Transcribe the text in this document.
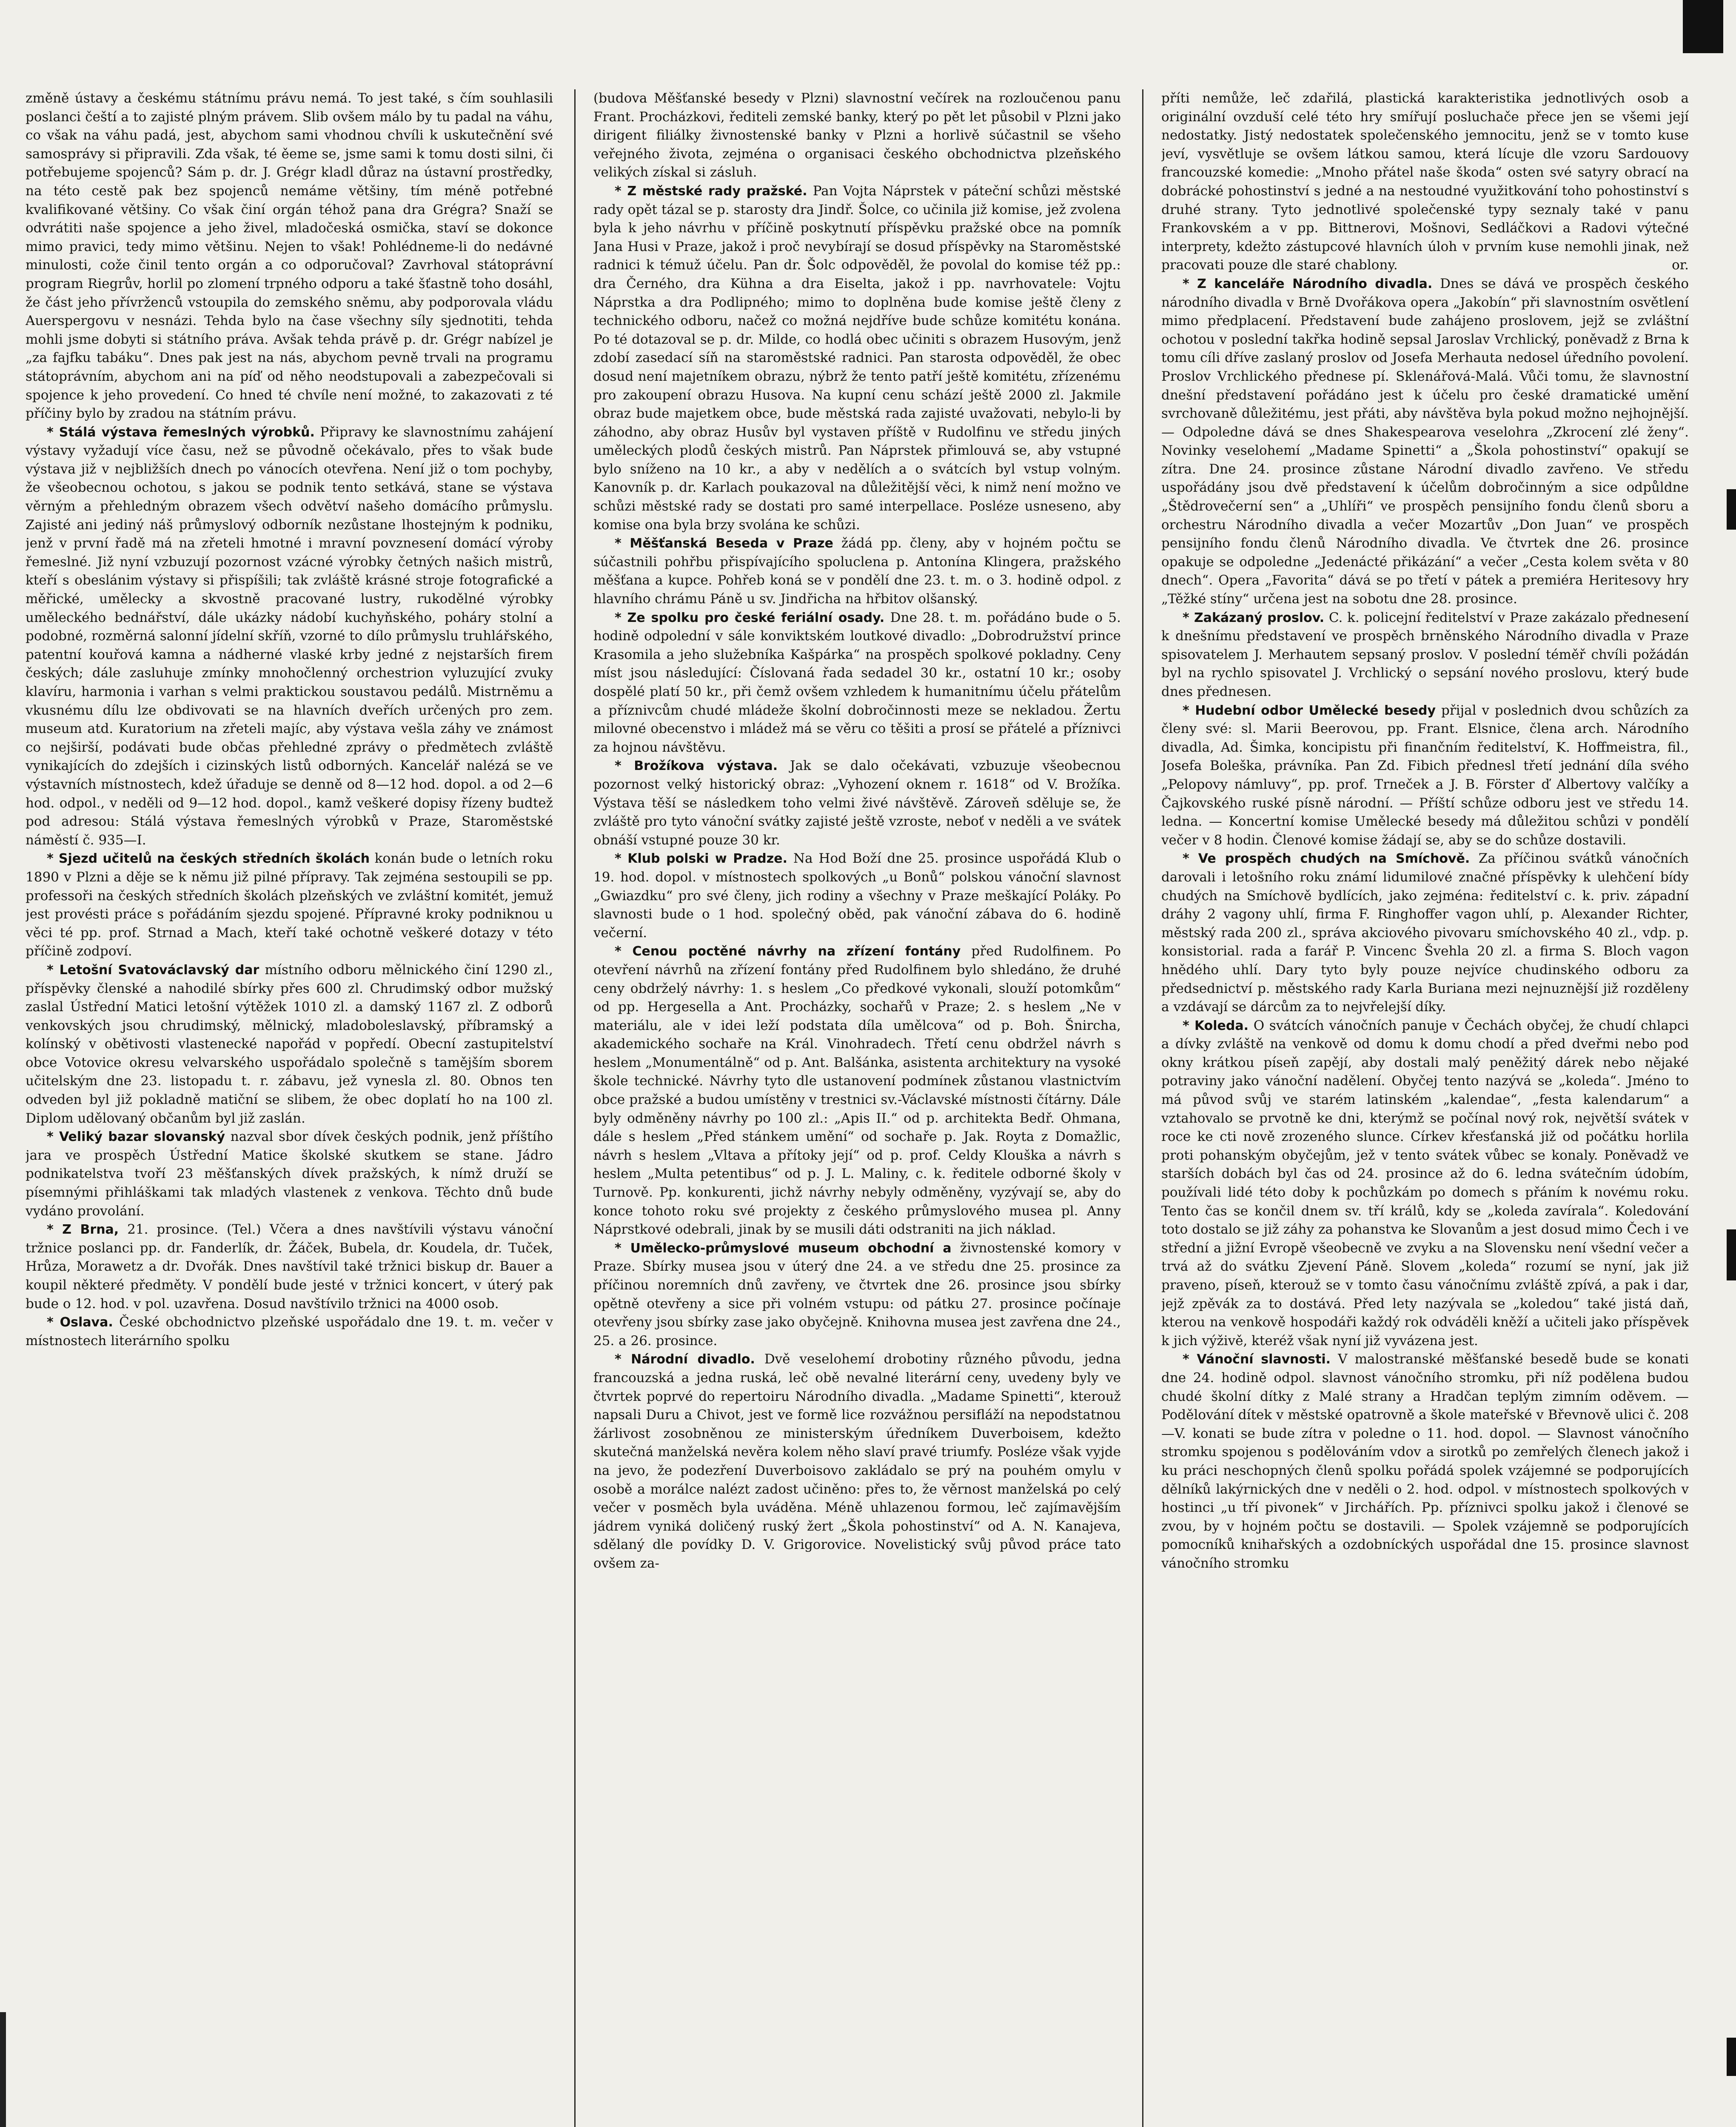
změně ústavy a českému státnímu právu nemá. To jest také, s čím souhlasili poslanci čeští a to zajisté plným právem. Slib ovšem málo by tu padal na váhu, co však na váhu padá, jest, abychom sami vhodnou chvíli k uskutečnění své samosprávy si připravili. Zda však, té ěeme se, jsme sami k tomu dosti silni, či potřebujeme spojenců? Sám p. dr. J. Grégr kladl důraz na ústavní prostředky, na této cestě pak bez spojenců nemáme většiny, tím méně potřebné kvalifikované většiny. Co však činí orgán téhož pana dra Grégra? Snaží se odvrátiti naše spojence a jeho živel, mladočeská osmička, staví se dokonce mimo pravici, tedy mimo většinu. Nejen to však! Pohlédneme-li do nedávné minulosti, cože činil tento orgán a co odporučoval? Zavrhoval státoprávní program Riegrův, horlil po zlomení trpného odporu a také šťastně toho dosáhl, že část jeho přívrženců vstoupila do zemského sněmu, aby podporovala vládu Auerspergovu v nesnázi. Tehda bylo na čase všechny síly sjednotiti, tehda mohli jsme dobyti si státního práva. Avšak tehda právě p. dr. Grégr nabízel je „za fajfku tabáku“. Dnes pak jest na nás, abychom pevně trvali na programu státoprávním, abychom ani na píď od něho neodstupovali a zabezpečovali si spojence k jeho provedení. Co hned té chvíle není možné, to zakazovati z té příčiny bylo by zradou na státním právu.

* Stálá výstava řemeslných výrobků. Připravy ke slavnostnímu zahájení výstavy vyžadují více času, než se původně očekávalo, přes to však bude výstava již v nejbližších dnech po vánocích otevřena. Není již o tom pochyby, že všeobecnou ochotou, s jakou se podnik tento setkává, stane se výstava věrným a přehledným obrazem všech odvětví našeho domácího průmyslu. Zajisté ani jediný náš průmyslový odborník nezůstane lhostejným k podniku, jenž v první řadě má na zřeteli hmotné i mravní povznesení domácí výroby řemeslné. Již nyní vzbuzují pozornost vzácné výrobky četných našich mistrů, kteří s obeslánim výstavy si přispíšili; tak zvláště krásné stroje fotografické a měřické, umělecky a skvostně pracované lustry, rukodělné výrobky uměleckého bednářství, dále ukázky nádobí kuchyňského, poháry stolní a podobné, rozměrná salonní jídelní skříň, vzorné to dílo průmyslu truhlářského, patentní kouřová kamna a nádherné vlaské krby jedné z nejstarších firem českých; dále zasluhuje zmínky mnohočlenný orchestrion vyluzující zvuky klavíru, harmonia i varhan s velmi praktickou soustavou pedálů. Mistrněmu a vkusnému dílu lze obdivovati se na hlavních dveřích určených pro zem. museum atd. Kuratorium na zřeteli majíc, aby výstava vešla záhy ve známost co nejširší, podávati bude občas přehledné zprávy o předmětech zvláště vynikajících do zdejších i cizinských listů odborných. Kancelář nalézá se ve výstavních místnostech, kdež úřaduje se denně od 8—12 hod. dopol. a od 2—6 hod. odpol., v neděli od 9—12 hod. dopol., kamž veškeré dopisy řízeny budtež pod adresou: Stálá výstava řemeslných výrobků v Praze, Staroměstské náměstí č. 935—I.

* Sjezd učitelů na českých středních školách konán bude o letních roku 1890 v Plzni a děje se k němu již pilné přípravy. Tak zejména sestoupili se pp. professoři na českých středních školách plzeňských ve zvláštní komitét, jemuž jest provésti práce s pořádáním sjezdu spojené. Přípravné kroky podniknou u věci té pp. prof. Strnad a Mach, kteří také ochotně veškeré dotazy v této příčině zodpoví.

* Letošní Svatováclavský dar místního odboru mělnického činí 1290 zl., příspěvky členské a nahodilé sbírky přes 600 zl. Chrudimský odbor mužský zaslal Ústřední Matici letošní výtěžek 1010 zl. a damský 1167 zl. Z odborů venkovských jsou chrudimský, mělnický, mladoboleslavský, příbramský a kolínský v obětivosti vlastenecké napořád v popředí. Obecní zastupitelství obce Votovice okresu velvarského uspořádalo společně s tamějším sborem učitelským dne 23. listopadu t. r. zábavu, jež vynesla zl. 80. Obnos ten odveden byl již pokladně matiční se slibem, že obec doplatí ho na 100 zl. Diplom udělovaný občanům byl již zaslán.

* Veliký bazar slovanský nazval sbor dívek českých podnik, jenž příštího jara ve prospěch Ústřední Matice školské skutkem se stane. Jádro podnikatelstva tvoří 23 měšťanských dívek pražských, k nímž druží se písemnými přihláškami tak mladých vlastenek z venkova. Těchto dnů bude vydáno provolání.

* Z Brna, 21. prosince. (Tel.) Včera a dnes navštívili výstavu vánoční tržnice poslanci pp. dr. Fanderlík, dr. Žáček, Bubela, dr. Koudela, dr. Tuček, Hrůza, Morawetz a dr. Dvořák. Dnes navštívil také tržnici biskup dr. Bauer a koupil některé předměty. V pondělí bude jesté v tržnici koncert, v úterý pak bude o 12. hod. v pol. uzavřena. Dosud navštívilo tržnici na 4000 osob.

* Oslava. České obchodnictvo plzeňské uspořádalo dne 19. t. m. večer v místnostech literárního spolku

(budova Měšťanské besedy v Plzni) slavnostní večírek na rozloučenou panu Frant. Procházkovi, řediteli zemské banky, který po pět let působil v Plzni jako dirigent filiálky živnostenské banky v Plzni a horlivě súčastnil se všeho veřejného života, zejména o organisaci českého obchodnictva plzeňského velikých získal si zásluh.

* Z městské rady pražské. Pan Vojta Náprstek v páteční schůzi městské rady opět tázal se p. starosty dra Jindř. Šolce, co učinila již komise, jež zvolena byla k jeho návrhu v příčině poskytnutí příspěvku pražské obce na pomník Jana Husi v Praze, jakož i proč nevybírají se dosud příspěvky na Staroměstské radnici k témuž účelu. Pan dr. Šolc odpověděl, že povolal do komise též pp.: dra Černého, dra Kühna a dra Eiselta, jakož i pp. navrhovatele: Vojtu Náprstka a dra Podlipného; mimo to doplněna bude komise ještě členy z technického odboru, načež co možná nejdříve bude schůze komitétu konána. Po té dotazoval se p. dr. Milde, co hodlá obec učiniti s obrazem Husovým, jenž zdobí zasedací síň na staroměstské radnici. Pan starosta odpověděl, že obec dosud není majetníkem obrazu, nýbrž že tento patří ještě komitétu, zřízenému pro zakoupení obrazu Husova. Na kupní cenu schází ještě 2000 zl. Jakmile obraz bude majetkem obce, bude městská rada zajisté uvažovati, nebylo-li by záhodno, aby obraz Husův byl vystaven příště v Rudolfinu ve středu jiných uměleckých plodů českých mistrů. Pan Náprstek přimlouvá se, aby vstupné bylo sníženo na 10 kr., a aby v nedělích a o svátcích byl vstup volným. Kanovník p. dr. Karlach poukazoval na důležitější věci, k nimž není možno ve schůzi městské rady se dostati pro samé interpellace. Posléze usneseno, aby komise ona byla brzy svolána ke schůzi.

* Měšťanská Beseda v Praze žádá pp. členy, aby v hojném počtu se súčastnili pohřbu přispívajícího spoluclena p. Antonína Klingera, pražského měšťana a kupce. Pohřeb koná se v pondělí dne 23. t. m. o 3. hodině odpol. z hlavního chrámu Páně u sv. Jindřicha na hřbitov olšanský.

* Ze spolku pro české feriální osady. Dne 28. t. m. pořádáno bude o 5. hodině odpolední v sále konviktském loutkové divadlo: „Dobrodružství prince Krasomila a jeho služebníka Kašpárka“ na prospěch spolkové pokladny. Ceny míst jsou následující: Číslovaná řada sedadel 30 kr., ostatní 10 kr.; osoby dospělé platí 50 kr., při čemž ovšem vzhledem k humanitnímu účelu přátelům a příznivcům chudé mládeže školní dobročinnosti meze se nekladou. Žertu milovné obecenstvo i mládež má se věru co těšiti a prosí se přátelé a příznivci za hojnou návštěvu.

* Brožíkova výstava. Jak se dalo očekávati, vzbuzuje všeobecnou pozornost velký historický obraz: „Vyhození oknem r. 1618“ od V. Brožíka. Výstava těší se následkem toho velmi živé návštěvě. Zároveň sděluje se, že zvláště pro tyto vánoční svátky zajisté ještě vzroste, neboť v neděli a ve svátek obnáší vstupné pouze 30 kr.

* Klub polski w Pradze. Na Hod Boží dne 25. prosince uspořádá Klub o 19. hod. dopol. v místnostech spolkových „u Bonů“ polskou vánoční slavnost „Gwiazdku“ pro své členy, jich rodiny a všechny v Praze meškající Poláky. Po slavnosti bude o 1 hod. společný oběd, pak vánoční zábava do 6. hodině večerní.

* Cenou poctěné návrhy na zřízení fontány před Rudolfinem. Po otevření návrhů na zřízení fontány před Rudolfinem bylo shledáno, že druhé ceny obdrželý návrhy: 1. s heslem „Co předkové vykonali, slouží potomkům“ od pp. Hergesella a Ant. Procházky, sochařů v Praze; 2. s heslem „Ne v materiálu, ale v idei leží podstata díla umělcova“ od p. Boh. Šnircha, akademického sochaře na Král. Vinohradech. Třetí cenu obdržel návrh s heslem „Monumentálně“ od p. Ant. Balšánka, asistenta architektury na vysoké škole technické. Návrhy tyto dle ustanovení podmínek zůstanou vlastnictvím obce pražské a budou umístěny v trestnici sv.-Václavské místnosti čítárny. Dále byly odměněny návrhy po 100 zl.: „Apis II.“ od p. architekta Bedř. Ohmana, dále s heslem „Před stánkem umění“ od sochaře p. Jak. Royta z Domažlic, návrh s heslem „Vltava a přítoky její“ od p. prof. Celdy Klouška a návrh s heslem „Multa petentibus“ od p. J. L. Maliny, c. k. ředitele odborné školy v Turnově. Pp. konkurenti, jichž návrhy nebyly odměněny, vyzývají se, aby do konce tohoto roku své projekty z českého průmyslového musea pl. Anny Náprstkové odebrali, jinak by se musili dáti odstraniti na jich náklad.

* Umělecko-průmyslové museum obchodní a živnostenské komory v Praze. Sbírky musea jsou v úterý dne 24. a ve středu dne 25. prosince za příčinou noremních dnů zavřeny, ve čtvrtek dne 26. prosince jsou sbírky opětně otevřeny a sice při volném vstupu: od pátku 27. prosince počínaje otevřeny jsou sbírky zase jako obyčejně. Knihovna musea jest zavřena dne 24., 25. a 26. prosince.

* Národní divadlo. Dvě veselohemí drobotiny různého původu, jedna francouzská a jedna ruská, leč obě nevalné literární ceny, uvedeny byly ve čtvrtek poprvé do repertoiru Národního divadla. „Madame Spinetti“, kterouž napsali Duru a Chivot, jest ve formě lice rozvážnou persifláží na nepodstatnou žárlivost zosobněnou ze ministerským úředníkem Duverboisem, kdežto skutečná manželská nevěra kolem něho slaví pravé triumfy. Posléze však vyjde na jevo, že podezření Duverboisovo zakládalo se prý na pouhém omylu v osobě a morálce nalézt zadost učiněno: přes to, že věrnost manželská po celý večer v posměch byla uváděna. Méně uhlazenou formou, leč zajímavějším jádrem vyniká doličený ruský žert „Škola pohostinství“ od A. N. Kanajeva, sdělaný dle povídky D. V. Grigorovice. Novelistický svůj původ práce tato ovšem za-

příti nemůže, leč zdařilá, plastická karakteristika jednotlivých osob a originální ovzduší celé této hry smířují posluchače přece jen se všemi její nedostatky. Jistý nedostatek společenského jemnocitu, jenž se v tomto kuse jeví, vysvětluje se ovšem látkou samou, která lícuje dle vzoru Sardouovy francouzské komedie: „Mnoho přátel naše škoda“ osten své satyry obrací na dobrácké pohostinství s jedné a na nestoudné využitkování toho pohostinství s druhé strany. Tyto jednotlivé společenské typy seznaly také v panu Frankovském a v pp. Bittnerovi, Mošnovi, Sedláčkovi a Radovi výtečné interprety, kdežto zástupcové hlavních úloh v prvním kuse nemohli jinak, než pracovati pouze dle staré chablony.	or.

* Z kanceláře Národního divadla. Dnes se dává ve prospěch českého národního divadla v Brně Dvořákova opera „Jakobín“ při slavnostním osvětlení mimo předplacení. Představení bude zahájeno proslovem, jejž se zvláštní ochotou v poslední takřka hodině sepsal Jaroslav Vrchlický, poněvadž z Brna k tomu cíli dříve zaslaný proslov od Josefa Merhauta nedosel úředního povolení. Proslov Vrchlického přednese pí. Sklenářová-Malá. Vůči tomu, že slavnostní dnešní představení pořádáno jest k účelu pro české dramatické umění svrchovaně důležitému, jest přáti, aby návštěva byla pokud možno nejhojnější. — Odpoledne dává se dnes Shakespearova veselohra „Zkrocení zlé ženy“. Novinky veselohemí „Madame Spinetti“ a „Škola pohostinství“ opakují se zítra. Dne 24. prosince zůstane Národní divadlo zavřeno. Ve středu uspořádány jsou dvě představení k účelům dobročinným a sice odpůldne „Štědrovečerní sen“ a „Uhlíři“ ve prospěch pensijního fondu členů sboru a orchestru Národního divadla a večer Mozartův „Don Juan“ ve prospěch pensijního fondu členů Národního divadla. Ve čtvrtek dne 26. prosince opakuje se odpoledne „Jedenácté přikázání“ a večer „Cesta kolem světa v 80 dnech“. Opera „Favorita“ dává se po třetí v pátek a premiéra Heritesovy hry „Těžké stíny“ určena jest na sobotu dne 28. prosince.

* Zakázaný proslov. C. k. policejní ředitelství v Praze zakázalo přednesení k dnešnímu představení ve prospěch brněnského Národního divadla v Praze spisovatelem J. Merhautem sepsaný proslov. V poslední téměř chvíli požádán byl na rychlo spisovatel J. Vrchlický o sepsání nového proslovu, který bude dnes přednesen.

* Hudební odbor Umělecké besedy přijal v poslednich dvou schůzích za členy své: sl. Marii Beerovou, pp. Frant. Elsnice, člena arch. Národního divadla, Ad. Šimka, koncipistu při finančním ředitelství, K. Hoffmeistra, fil., Josefa Boleška, právníka. Pan Zd. Fibich přednesl třetí jednání díla svého „Pelopovy námluvy“, pp. prof. Trneček a J. B. Förster ď Albertovy valčíky a Čajkovského ruské písně národní. — Příští schůze odboru jest ve středu 14. ledna. — Koncertní komise Umělecké besedy má důležitou schůzi v pondělí večer v 8 hodin. Členové komise žádají se, aby se do schůze dostavili.

* Ve prospěch chudých na Smíchově. Za příčinou svátků vánočních darovali i letošního roku známí lidumilové značné příspěvky k ulehčení bídy chudých na Smíchově bydlících, jako zejména: ředitelství c. k. priv. západní dráhy 2 vagony uhlí, firma F. Ringhoffer vagon uhlí, p. Alexander Richter, městský rada 200 zl., správa akciového pivovaru smíchovského 40 zl., vdp. p. konsistorial. rada a farář P. Vincenc Švehla 20 zl. a firma S. Bloch vagon hnědého uhlí. Dary tyto byly pouze nejvíce chudinského odboru za předsednictví p. městského rady Karla Buriana mezi nejnuznější již rozděleny a vzdávají se dárcům za to nejvřelejší díky.

* Koleda. O svátcích vánočních panuje v Čechách obyčej, že chudí chlapci a dívky zvláště na venkově od domu k domu chodí a před dveřmi nebo pod okny krátkou píseň zapějí, aby dostali malý peněžitý dárek nebo nějaké potraviny jako vánoční nadělení. Obyčej tento nazývá se „koleda“. Jméno to má původ svůj ve starém latinském „kalendae“, „festa kalendarum“ a vztahovalo se prvotně ke dni, kterýmž se počínal nový rok, největší svátek v roce ke cti nově zrozeného slunce. Církev křesťanská již od počátku horlila proti pohanským obyčejům, jež v tento svátek vůbec se konaly. Poněvadž ve starších dobách byl čas od 24. prosince až do 6. ledna svátečním údobím, používali lidé této doby k pochůzkám po domech s přáním k novému roku. Tento čas se končil dnem sv. tří králů, kdy se „koleda zavírala“. Koledování toto dostalo se již záhy za pohanstva ke Slovanům a jest dosud mimo Čech i ve střední a jižní Evropě všeobecně ve zvyku a na Slovensku není všední večer a trvá až do svátku Zjevení Páně. Slovem „koleda“ rozumí se nyní, jak již praveno, píseň, kterouž se v tomto času vánočnímu zvláště zpívá, a pak i dar, jejž zpěvák za to dostává. Před lety nazývala se „koledou“ také jistá daň, kterou na venkově hospodáři každý rok odváděli kněží a učiteli jako příspěvek k jich výživě, kteréž však nyní již vyvázena jest.

* Vánoční slavnosti. V malostranské měšťanské besedě bude se konati dne 24. hodině odpol. slavnost vánočního stromku, při níž podělena budou chudé školní dítky z Malé strany a Hradčan teplým zimním oděvem. — Podělování dítek v městské opatrovně a škole mateřské v Břevnově ulici č. 208—V. konati se bude zítra v poledne o 11. hod. dopol. — Slavnost vánočního stromku spojenou s podělováním vdov a sirotků po zemřelých členech jakož i ku práci neschopných členů spolku pořádá spolek vzájemné se podporujících dělníků lakýrnických dne v neděli o 2. hod. odpol. v místnostech spolkových v hostinci „u tří pivonek“ v Jirchářích. Pp. příznivci spolku jakož i členové se zvou, by v hojném počtu se dostavili. — Spolek vzájemně se podporujících pomocníků knihařských a ozdobníckých uspořádal dne 15. prosince slavnost vánočního stromku
